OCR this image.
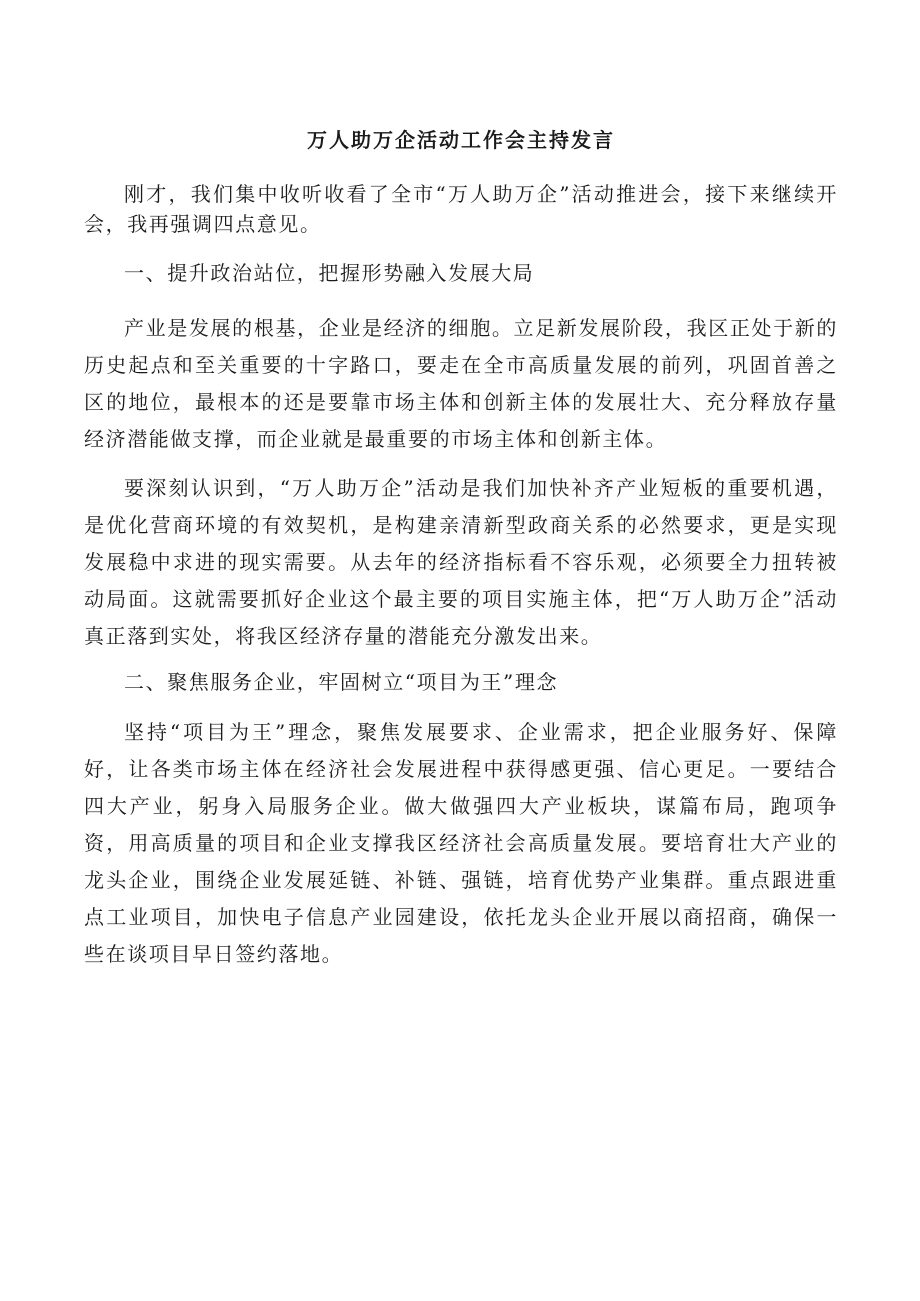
万人助万企活动工作会主持发言

刚才，我们集中收听收看了全市“万人助万企”活动推进会，接下来继续开会，我再强调四点意见。

一、提升政治站位，把握形势融入发展大局

产业是发展的根基，企业是经济的细胞。立足新发展阶段，我区正处于新的历史起点和至关重要的十字路口，要走在全市高质量发展的前列，巩固首善之区的地位，最根本的还是要靠市场主体和创新主体的发展壮大、充分释放存量经济潜能做支撑，而企业就是最重要的市场主体和创新主体。

要深刻认识到，“万人助万企”活动是我们加快补齐产业短板的重要机遇，是优化营商环境的有效契机，是构建亲清新型政商关系的必然要求，更是实现发展稳中求进的现实需要。从去年的经济指标看不容乐观，必须要全力扭转被动局面。这就需要抓好企业这个最主要的项目实施主体，把“万人助万企”活动真正落到实处，将我区经济存量的潜能充分激发出来。

二、聚焦服务企业，牢固树立“项目为王”理念

坚持“项目为王”理念，聚焦发展要求、企业需求，把企业服务好、保障好，让各类市场主体在经济社会发展进程中获得感更强、信心更足。一要结合四大产业，躬身入局服务企业。做大做强四大产业板块，谋篇布局，跑项争资，用高质量的项目和企业支撑我区经济社会高质量发展。要培育壮大产业的龙头企业，围绕企业发展延链、补链、强链，培育优势产业集群。重点跟进重点工业项目，加快电子信息产业园建设，依托龙头企业开展以商招商，确保一些在谈项目早日签约落地。
